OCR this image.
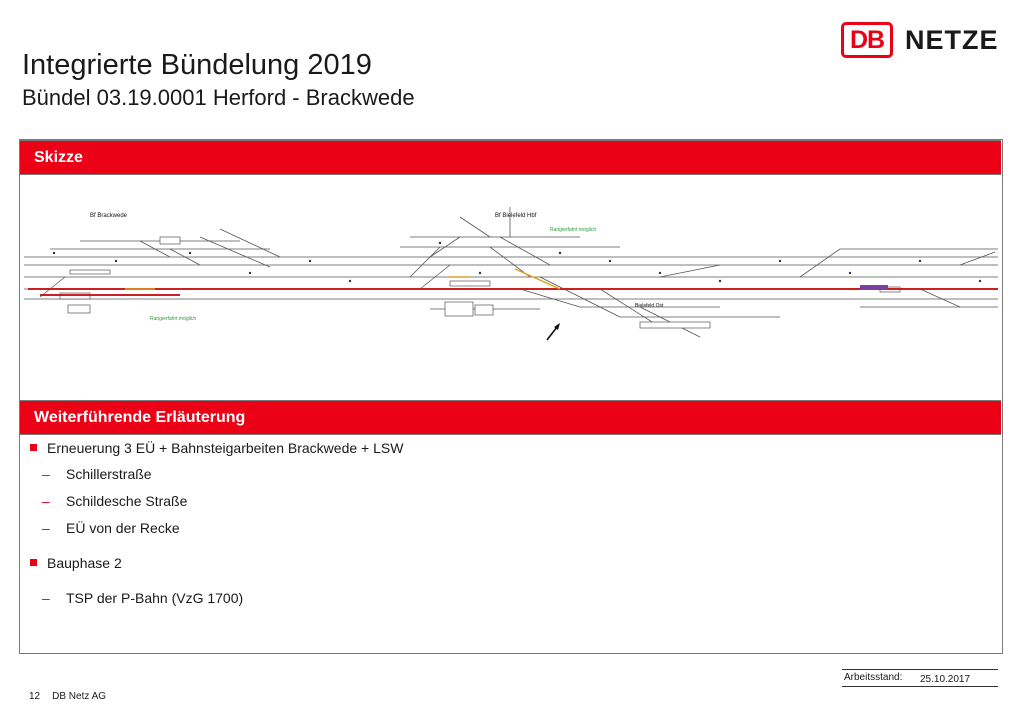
Integrierte Bündelung 2019
Bündel 03.19.0001 Herford - Brackwede
DB NETZE
Skizze
Bf Brackwede	Bf Bielefeld Hbf
Bielefeld Ost
Rangierfahrt möglich
Rangierfahrt möglich
Weiterführende Erläuterung
Erneuerung 3 EÜ + Bahnsteigarbeiten Brackwede + LSW
– Schillerstraße
– Schildesche Straße
– EÜ von der Recke
Bauphase 2
– TSP der P-Bahn (VzG 1700)
Arbeitsstand: 25.10.2017
12 DB Netz AG
